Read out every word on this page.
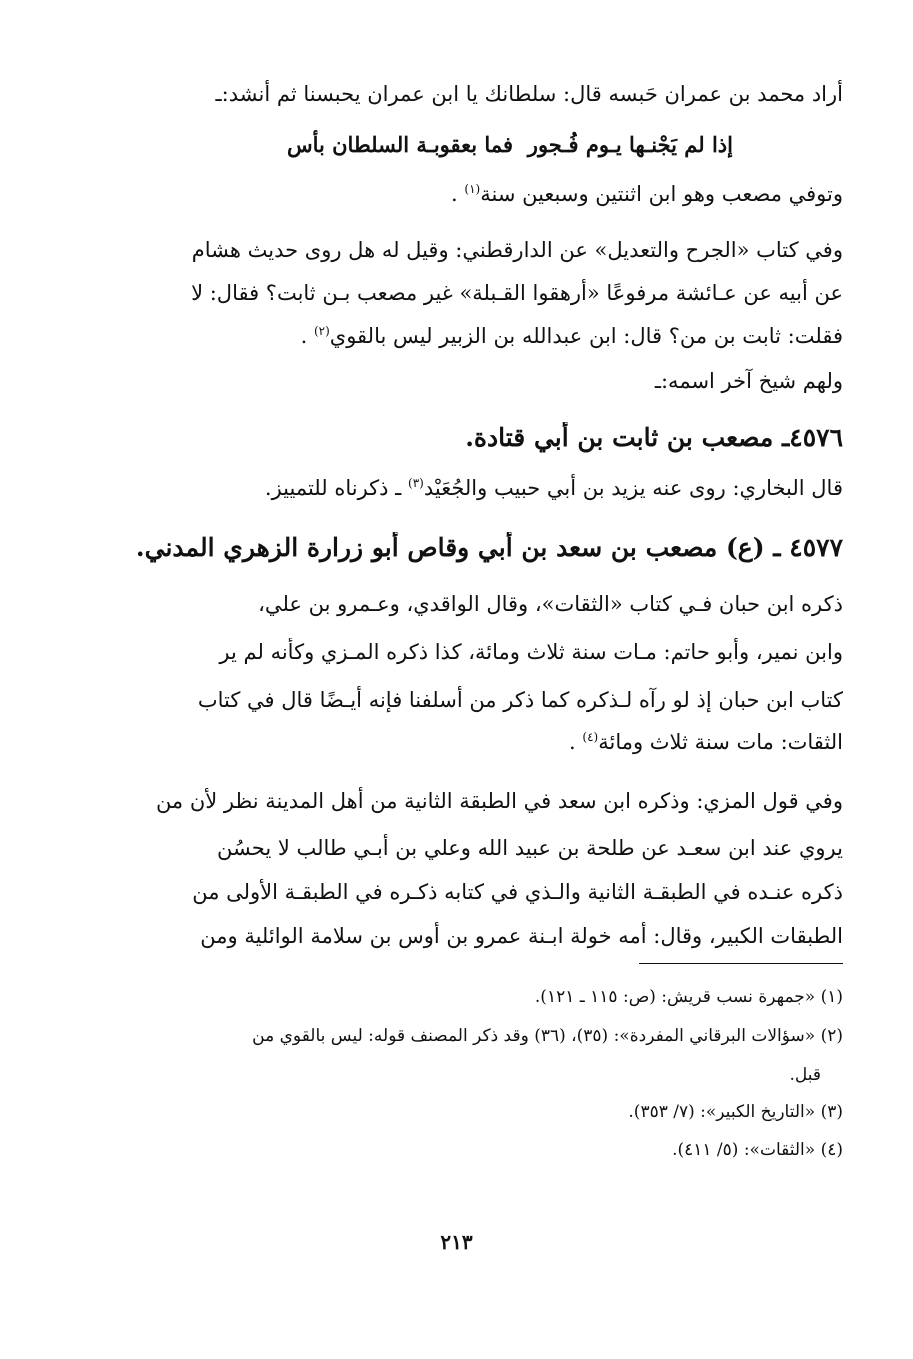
أراد محمد بن عمران حَبسه قال: سلطانك يا ابن عمران يحبسنا ثم أنشد:ـ
إذا لم يَجْنـها يـوم فُـجور
فما بعقوبـة السلطان بأس
وتوفي مصعب وهو ابن اثنتين وسبعين سنة$^{(١)}$ .
وفي كتاب «الجرح والتعديل» عن الدارقطني: وقيل له هل روى حديث هشام
عن أبيه عن عـائشة مرفوعًا «أرهقوا القـبلة» غير مصعب بـن ثابت؟ فقال: لا
فقلت: ثابت بن من؟ قال: ابن عبدالله بن الزبير ليس بالقوي$^{(٢)}$ .
ولهم شيخ آخر اسمه:ـ
٤٥٧٦ـ مصعب بن ثابت بن أبي قتادة.
قال البخاري: روى عنه يزيد بن أبي حبيب والجُعَيْد$^{(٣)}$ ـ ذكرناه للتمييز.
٤٥٧٧ ـ (ع) مصعب بن سعد بن أبي وقاص أبو زرارة الزهري المدني.
ذكره ابن حبان فـي كتاب «الثقات»، وقال الواقدي، وعـمرو بن علي،
وابن نمير، وأبو حاتم: مـات سنة ثلاث ومائة، كذا ذكره المـزي وكأنه لم ير
كتاب ابن حبان إذ لو رآه لـذكره كما ذكر من أسلفنا فإنه أيـضًا قال في كتاب
الثقات: مات سنة ثلاث ومائة$^{(٤)}$ .
وفي قول المزي: وذكره ابن سعد في الطبقة الثانية من أهل المدينة نظر لأن من
يروي عند ابن سعـد عن طلحة بن عبيد الله وعلي بن أبـي طالب لا يحسُن
ذكره عنـده في الطبقـة الثانية والـذي في كتابه ذكـره في الطبقـة الأولى من
الطبقات الكبير، وقال: أمه خولة ابـنة عمرو بن أوس بن سلامة الوائلية ومن
(١) «جمهرة نسب قريش: (ص: ١١٥ ـ ١٢١).
(٢) «سؤالات البرقاني المفردة»: (٣٥)، (٣٦) وقد ذكر المصنف قوله: ليس بالقوي من
قبل.
(٣) «التاريخ الكبير»: (٧/ ٣٥٣).
(٤) «الثقات»: (٥/ ٤١١).
٢١٣
